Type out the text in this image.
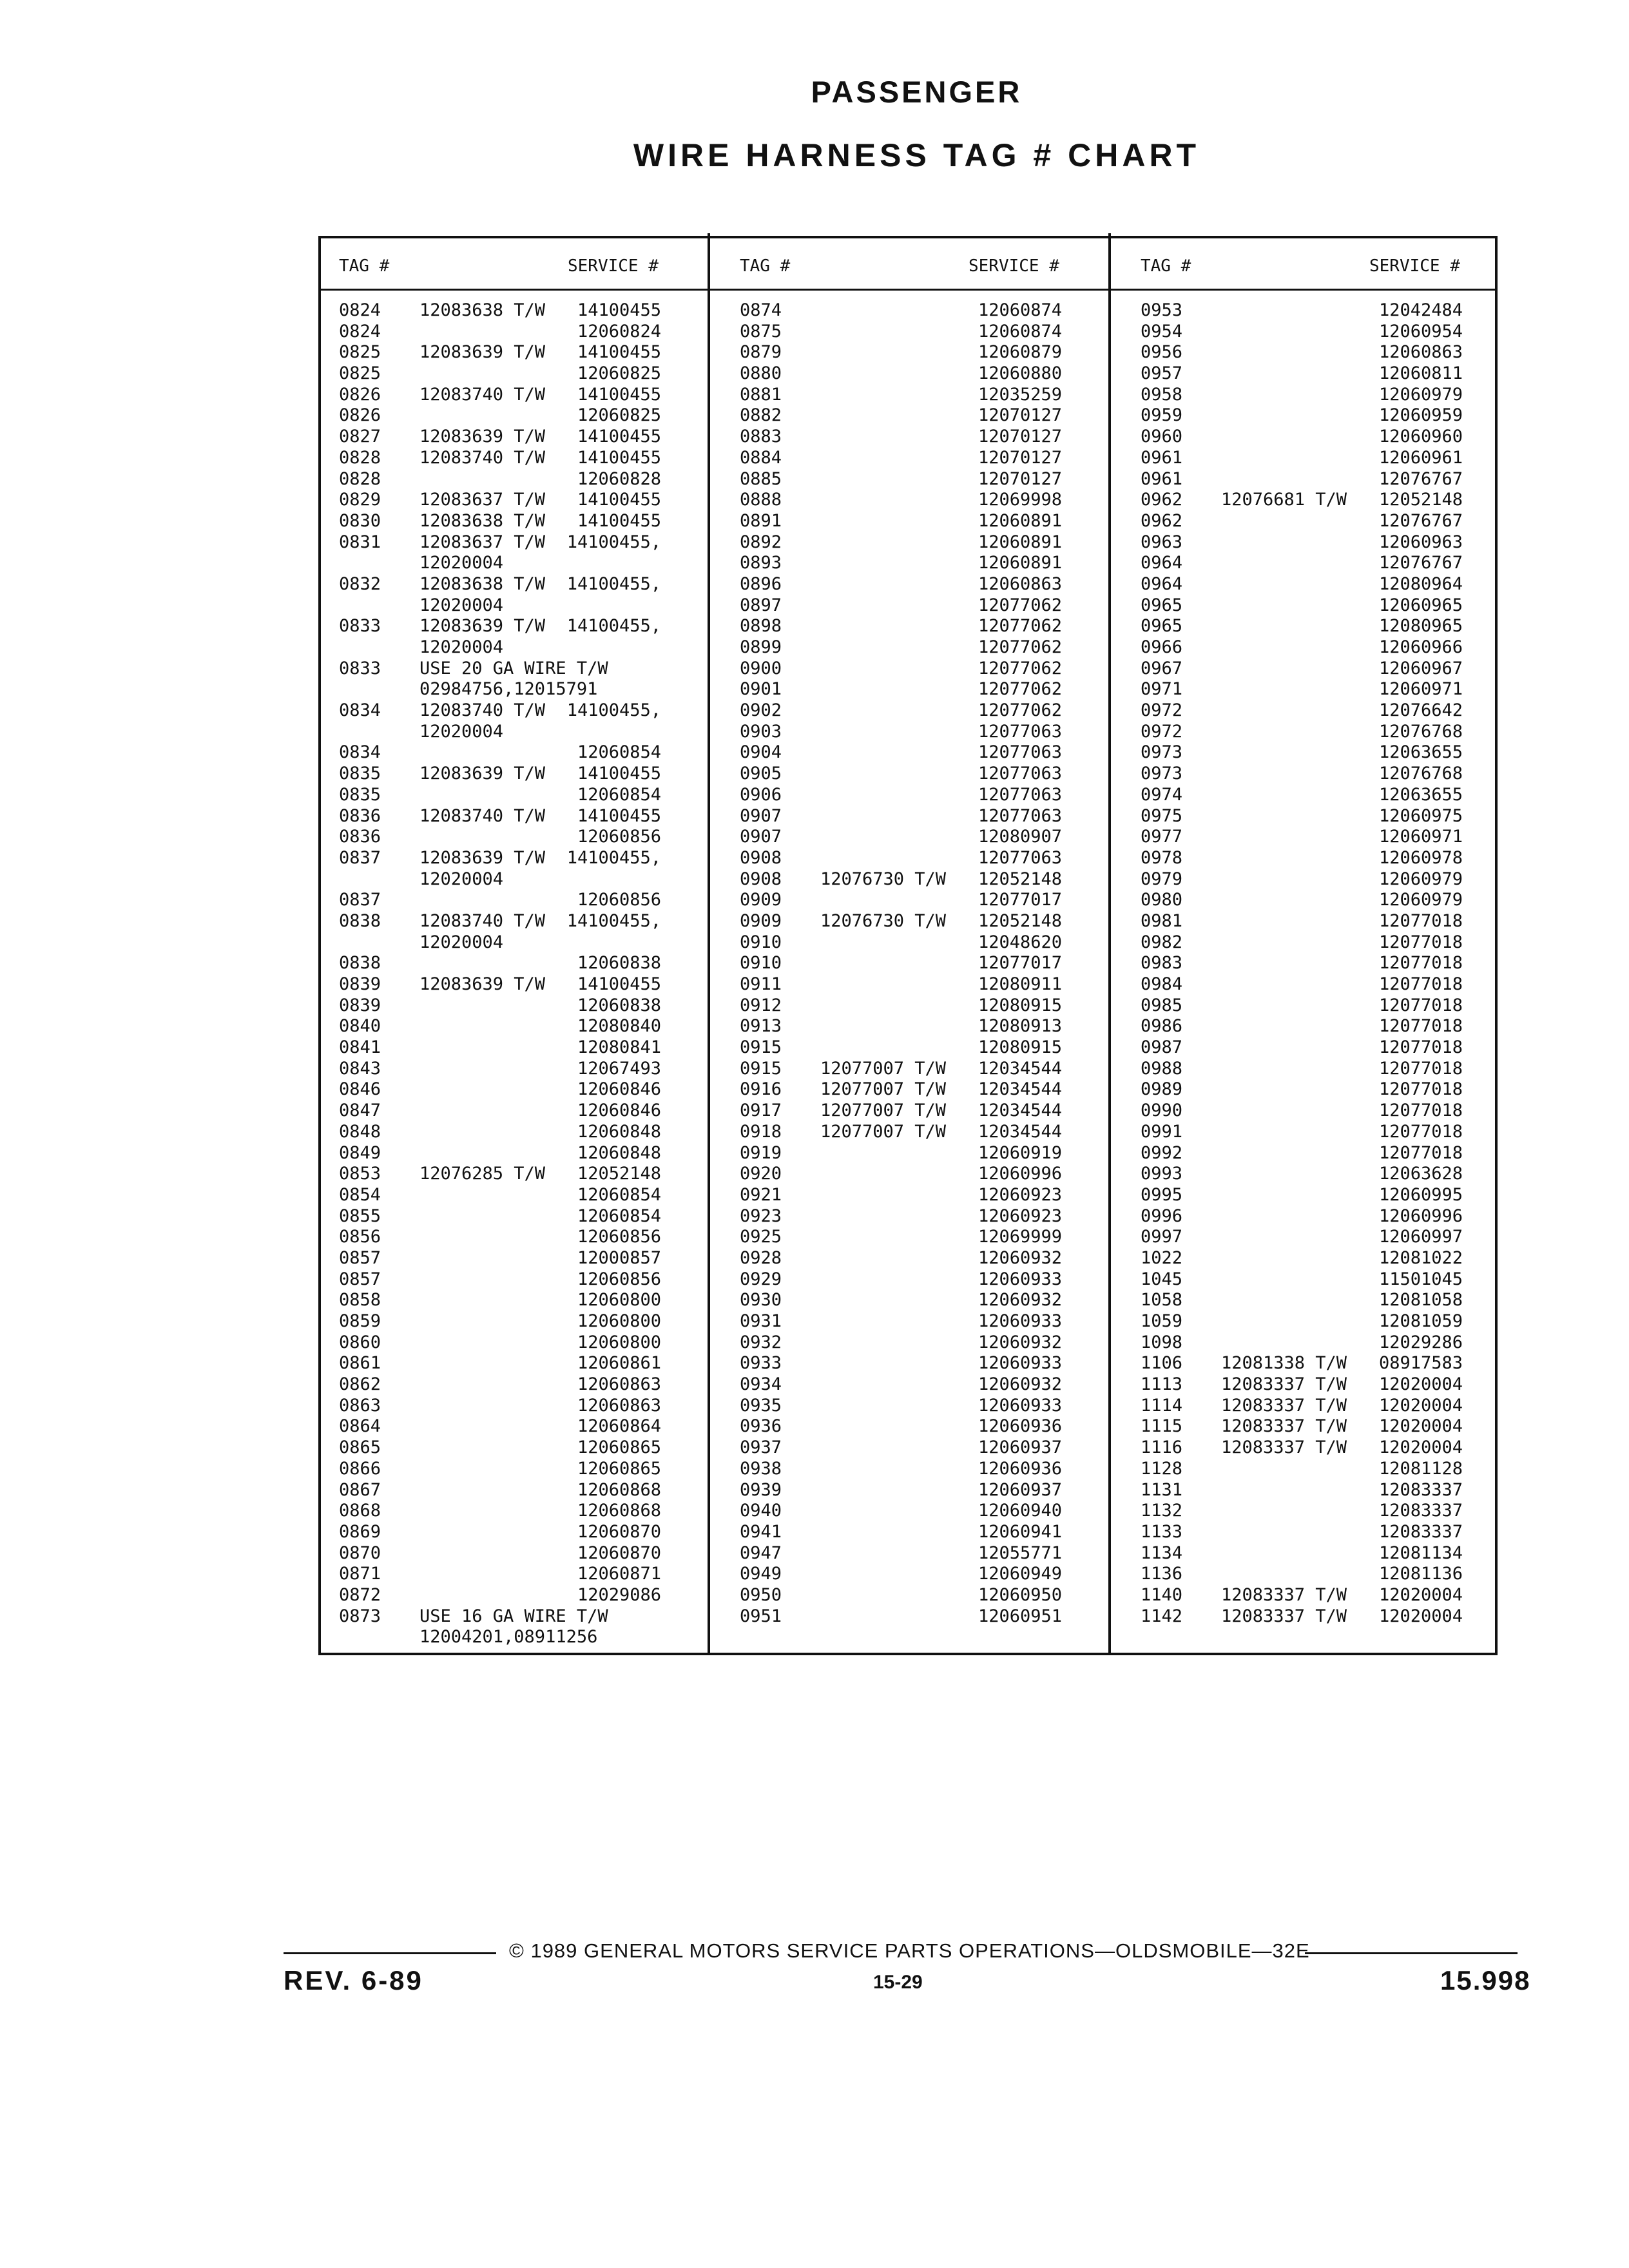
PASSENGER
WIRE HARNESS TAG # CHART
TAG #	SERVICE #	TAG #	SERVICE #	TAG #	SERVICE #
0824 12083638 T/W	14100455
0824	12060824
0825 12083639 T/W	14100455
0825	12060825
0826 12083740 T/W	14100455
0826	12060825
0827 12083639 T/W	14100455
0828 12083740 T/W	14100455
0828	12060828
0829 12083637 T/W	14100455
0830 12083638 T/W	14100455
0831 12083637 T/W	14100455,
12020004
0832 12083638 T/W	14100455,
12020004
0833 12083639 T/W	14100455,
12020004
0833 USE 20 GA WIRE T/W
02984756,12015791
0834 12083740 T/W	14100455,
12020004
0834	12060854
0835 12083639 T/W	14100455
0835	12060854
0836 12083740 T/W	14100455
0836	12060856
0837 12083639 T/W	14100455,
12020004
0837	12060856
0838 12083740 T/W	14100455,
12020004
0838	12060838
0839 12083639 T/W	14100455
0839	12060838
0840	12080840
0841	12080841
0843	12067493
0846	12060846
0847	12060846
0848	12060848
0849	12060848
0853 12076285 T/W	12052148
0854	12060854
0855	12060854
0856	12060856
0857	12000857
0857	12060856
0858	12060800
0859	12060800
0860	12060800
0861	12060861
0862	12060863
0863	12060863
0864	12060864
0865	12060865
0866	12060865
0867	12060868
0868	12060868
0869	12060870
0870	12060870
0871	12060871
0872	12029086
0873 USE 16 GA WIRE T/W
12004201,08911256
0874	12060874
0875	12060874
0879	12060879
0880	12060880
0881	12035259
0882	12070127
0883	12070127
0884	12070127
0885	12070127
0888	12069998
0891	12060891
0892	12060891
0893	12060891
0896	12060863
0897	12077062
0898	12077062
0899	12077062
0900	12077062
0901	12077062
0902	12077062
0903	12077063
0904	12077063
0905	12077063
0906	12077063
0907	12077063
0907	12080907
0908	12077063
0908 12076730 T/W	12052148
0909	12077017
0909 12076730 T/W	12052148
0910	12048620
0910	12077017
0911	12080911
0912	12080915
0913	12080913
0915	12080915
0915 12077007 T/W	12034544
0916 12077007 T/W	12034544
0917 12077007 T/W	12034544
0918 12077007 T/W	12034544
0919	12060919
0920	12060996
0921	12060923
0923	12060923
0925	12069999
0928	12060932
0929	12060933
0930	12060932
0931	12060933
0932	12060932
0933	12060933
0934	12060932
0935	12060933
0936	12060936
0937	12060937
0938	12060936
0939	12060937
0940	12060940
0941	12060941
0947	12055771
0949	12060949
0950	12060950
0951	12060951
0953	12042484
0954	12060954
0956	12060863
0957	12060811
0958	12060979
0959	12060959
0960	12060960
0961	12060961
0961	12076767
0962 12076681 T/W	12052148
0962	12076767
0963	12060963
0964	12076767
0964	12080964
0965	12060965
0965	12080965
0966	12060966
0967	12060967
0971	12060971
0972	12076642
0972	12076768
0973	12063655
0973	12076768
0974	12063655
0975	12060975
0977	12060971
0978	12060978
0979	12060979
0980	12060979
0981	12077018
0982	12077018
0983	12077018
0984	12077018
0985	12077018
0986	12077018
0987	12077018
0988	12077018
0989	12077018
0990	12077018
0991	12077018
0992	12077018
0993	12063628
0995	12060995
0996	12060996
0997	12060997
1022	12081022
1045	11501045
1058	12081058
1059	12081059
1098	12029286
1106 12081338 T/W	08917583
1113 12083337 T/W	12020004
1114 12083337 T/W	12020004
1115 12083337 T/W	12020004
1116 12083337 T/W	12020004
1128	12081128
1131	12083337
1132	12083337
1133	12083337
1134	12081134
1136	12081136
1140 12083337 T/W	12020004
1142 12083337 T/W	12020004
© 1989 GENERAL MOTORS SERVICE PARTS OPERATIONS—OLDSMOBILE—32E
REV. 6-89	15-29	15.998
